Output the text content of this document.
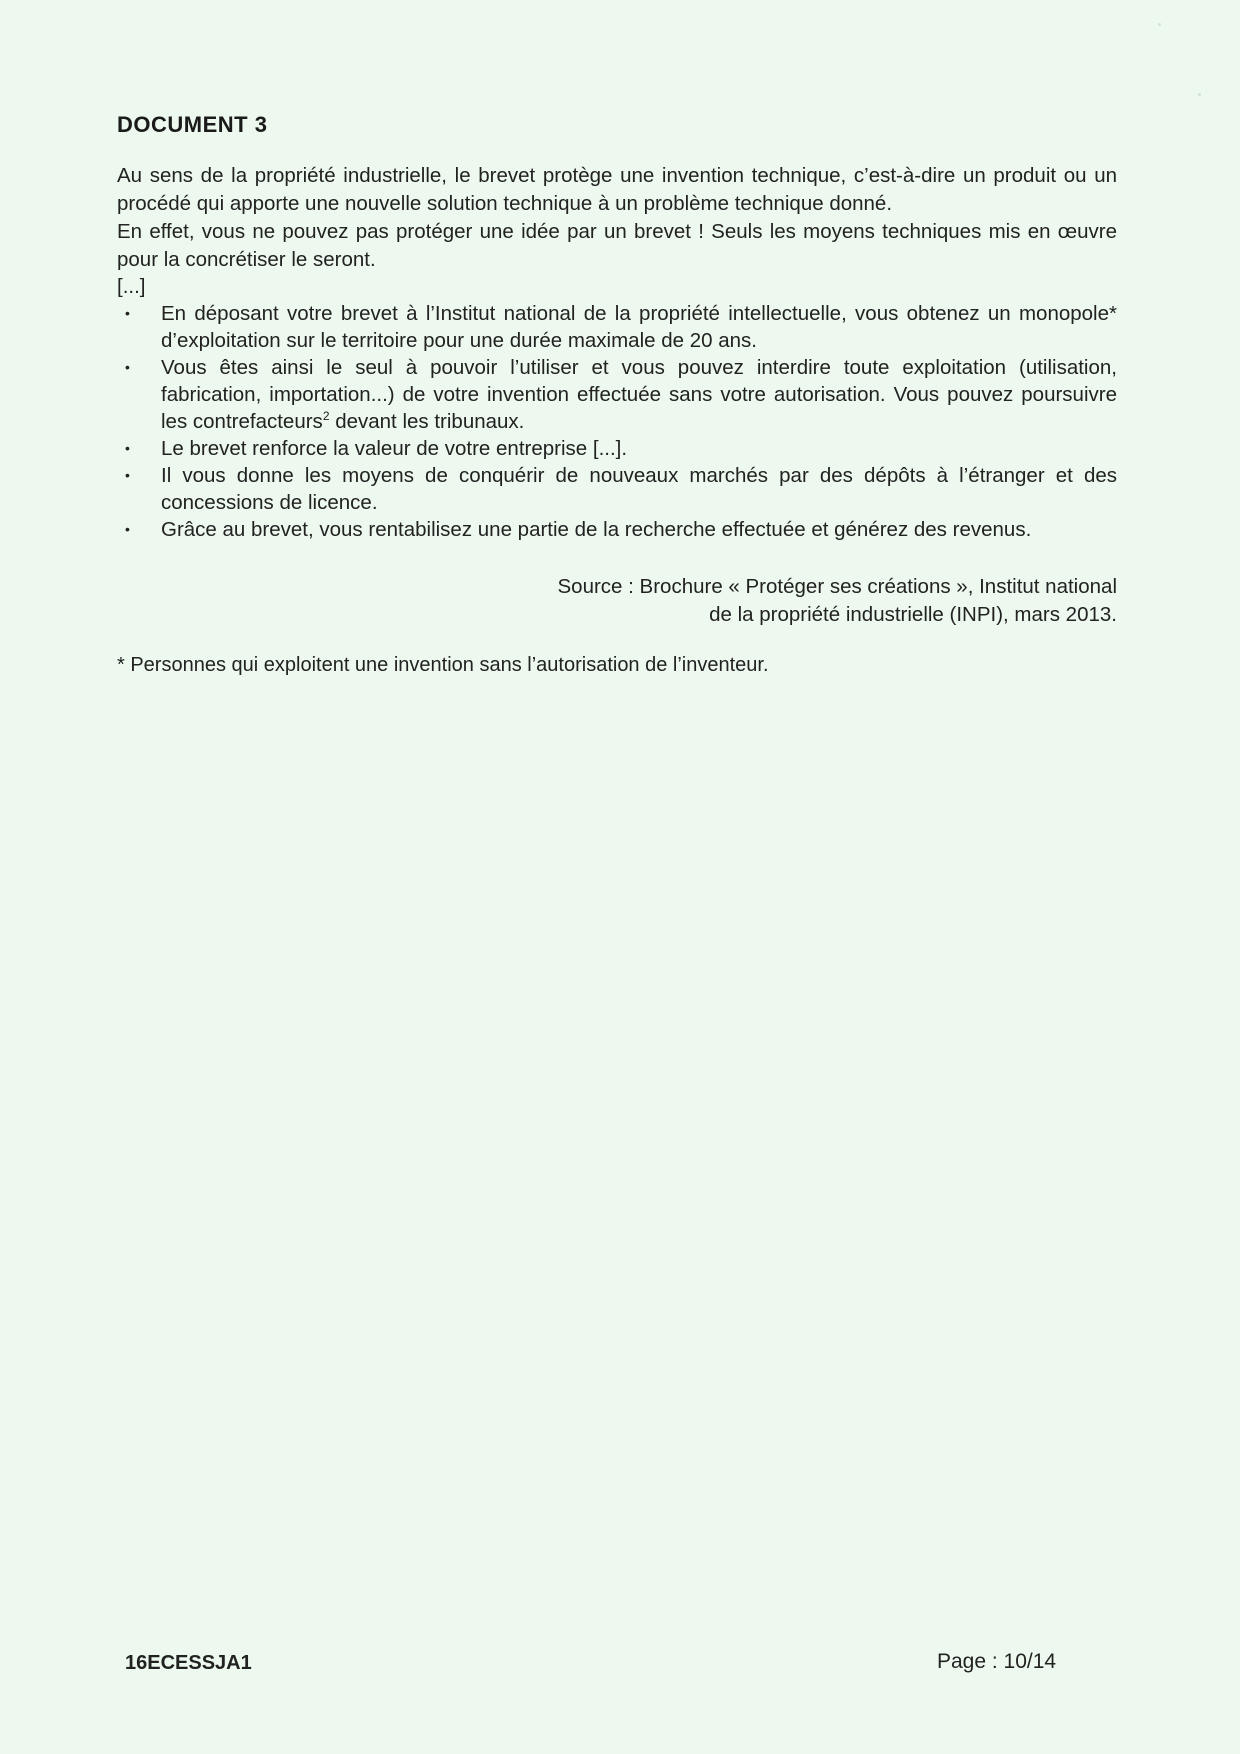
DOCUMENT 3

Au sens de la propriété industrielle, le brevet protège une invention technique, c’est-à-dire un produit ou un procédé qui apporte une nouvelle solution technique à un problème technique donné.

En effet, vous ne pouvez pas protéger une idée par un brevet ! Seuls les moyens techniques mis en œuvre pour la concrétiser le seront.

[...]

• En déposant votre brevet à l’Institut national de la propriété intellectuelle, vous obtenez un monopole* d’exploitation sur le territoire pour une durée maximale de 20 ans.
• Vous êtes ainsi le seul à pouvoir l’utiliser et vous pouvez interdire toute exploitation (utilisation, fabrication, importation...) de votre invention effectuée sans votre autorisation. Vous pouvez poursuivre les contrefacteurs$^2$ devant les tribunaux.
• Le brevet renforce la valeur de votre entreprise [...].
• Il vous donne les moyens de conquérir de nouveaux marchés par des dépôts à l’étranger et des concessions de licence.
• Grâce au brevet, vous rentabilisez une partie de la recherche effectuée et générez des revenus.
Source : Brochure « Protéger ses créations », Institut national
de la propriété industrielle (INPI), mars 2013.
* Personnes qui exploitent une invention sans l’autorisation de l’inventeur.
16ECESSJA1	Page : 10/14
